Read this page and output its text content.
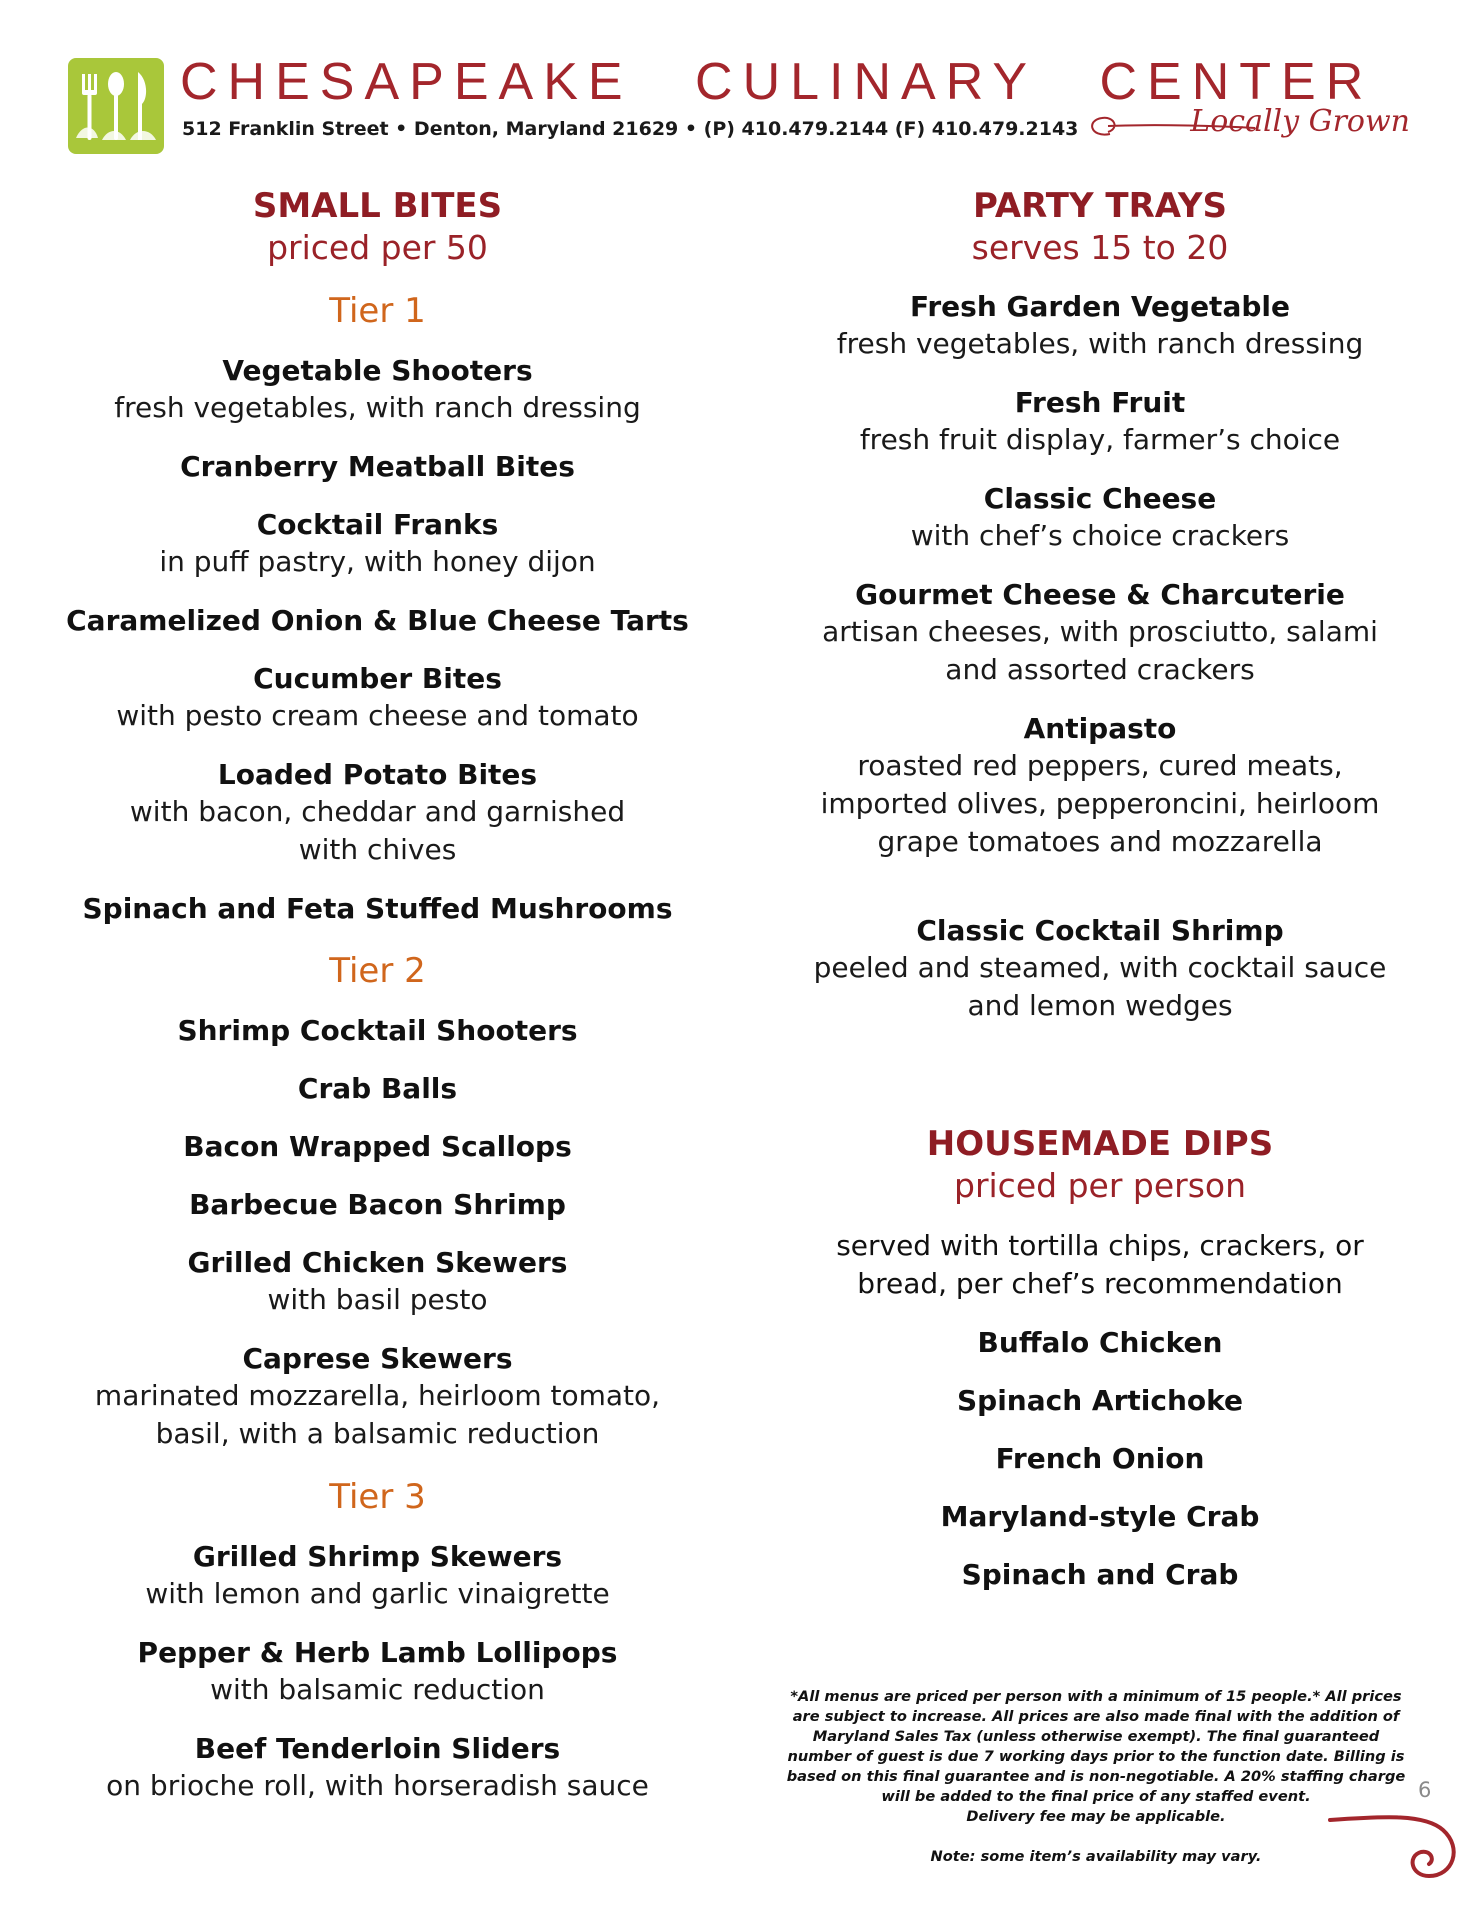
CHESAPEAKE CULINARY CENTER
512 Franklin Street • Denton, Maryland 21629 • (P) 410.479.2144 (F) 410.479.2143	Locally Grown
SMALL BITES
priced per 50
Tier 1
Vegetable Shooters
fresh vegetables, with ranch dressing
Cranberry Meatball Bites
Cocktail Franks
in puff pastry, with honey dijon
Caramelized Onion & Blue Cheese Tarts
Cucumber Bites
with pesto cream cheese and tomato
Loaded Potato Bites
with bacon, cheddar and garnished with chives
Spinach and Feta Stuffed Mushrooms
Tier 2
Shrimp Cocktail Shooters
Crab Balls
Bacon Wrapped Scallops
Barbecue Bacon Shrimp
Grilled Chicken Skewers
with basil pesto
Caprese Skewers
marinated mozzarella, heirloom tomato, basil, with a balsamic reduction
Tier 3
Grilled Shrimp Skewers
with lemon and garlic vinaigrette
Pepper & Herb Lamb Lollipops
with balsamic reduction
Beef Tenderloin Sliders
on brioche roll, with horseradish sauce
PARTY TRAYS
serves 15 to 20
Fresh Garden Vegetable
fresh vegetables, with ranch dressing
Fresh Fruit
fresh fruit display, farmer’s choice
Classic Cheese
with chef’s choice crackers
Gourmet Cheese & Charcuterie
artisan cheeses, with prosciutto, salami and assorted crackers
Antipasto
roasted red peppers, cured meats, imported olives, pepperoncini, heirloom grape tomatoes and mozzarella
Classic Cocktail Shrimp
peeled and steamed, with cocktail sauce and lemon wedges
HOUSEMADE DIPS
priced per person
served with tortilla chips, crackers, or bread, per chef’s recommendation
Buffalo Chicken
Spinach Artichoke
French Onion
Maryland-style Crab
Spinach and Crab
*All menus are priced per person with a minimum of 15 people.* All prices are subject to increase. All prices are also made final with the addition of Maryland Sales Tax (unless otherwise exempt). The final guaranteed number of guest is due 7 working days prior to the function date. Billing is based on this final guarantee and is non-negotiable. A 20% staffing charge will be added to the final price of any staffed event.
Delivery fee may be applicable.
Note: some item’s availability may vary.
6
